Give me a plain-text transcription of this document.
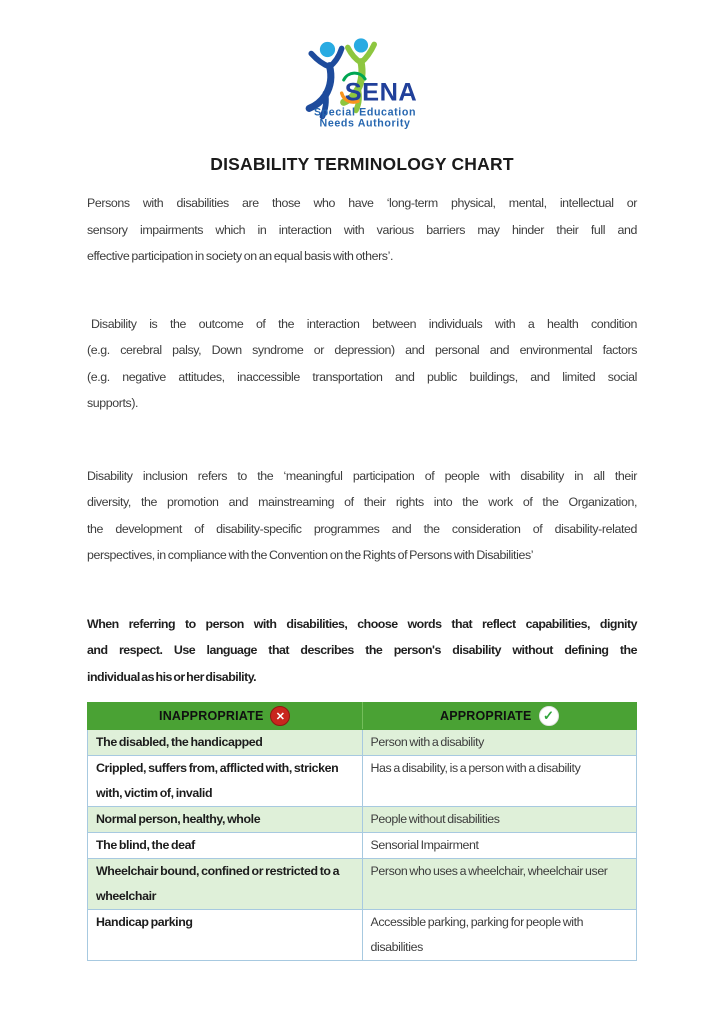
SENA
Special Education
Needs Authority
DISABILITY TERMINOLOGY CHART
Persons with disabilities are those who have ‘long-term physical, mental, intellectual or
sensory impairments which in interaction with various barriers may hinder their full and
effective participation in society on an equal basis with others’.
Disability is the outcome of the interaction between individuals with a health condition
(e.g. cerebral palsy, Down syndrome or depression) and personal and environmental factors
(e.g. negative attitudes, inaccessible transportation and public buildings, and limited social
supports).
Disability inclusion refers to the ‘meaningful participation of people with disability in all their
diversity, the promotion and mainstreaming of their rights into the work of the Organization,
the development of disability-specific programmes and the consideration of disability-related
perspectives, in compliance with the Convention on the Rights of Persons with Disabilities’
When referring to person with disabilities, choose words that reflect capabilities, dignity
and respect. Use language that describes the person's disability without defining the
individual as his or her disability.
INAPPROPRIATE ✕	APPROPRIATE ✓

The disabled, the handicapped	Person with a disability
Crippled, suffers from, afflicted with, stricken with, victim of, invalid	Has a disability, is a person with a disability
Normal person, healthy, whole	People without disabilities
The blind, the deaf	Sensorial Impairment
Wheelchair bound, confined or restricted to a wheelchair	Person who uses a wheelchair, wheelchair user
Handicap parking	Accessible parking, parking for people with disabilities
